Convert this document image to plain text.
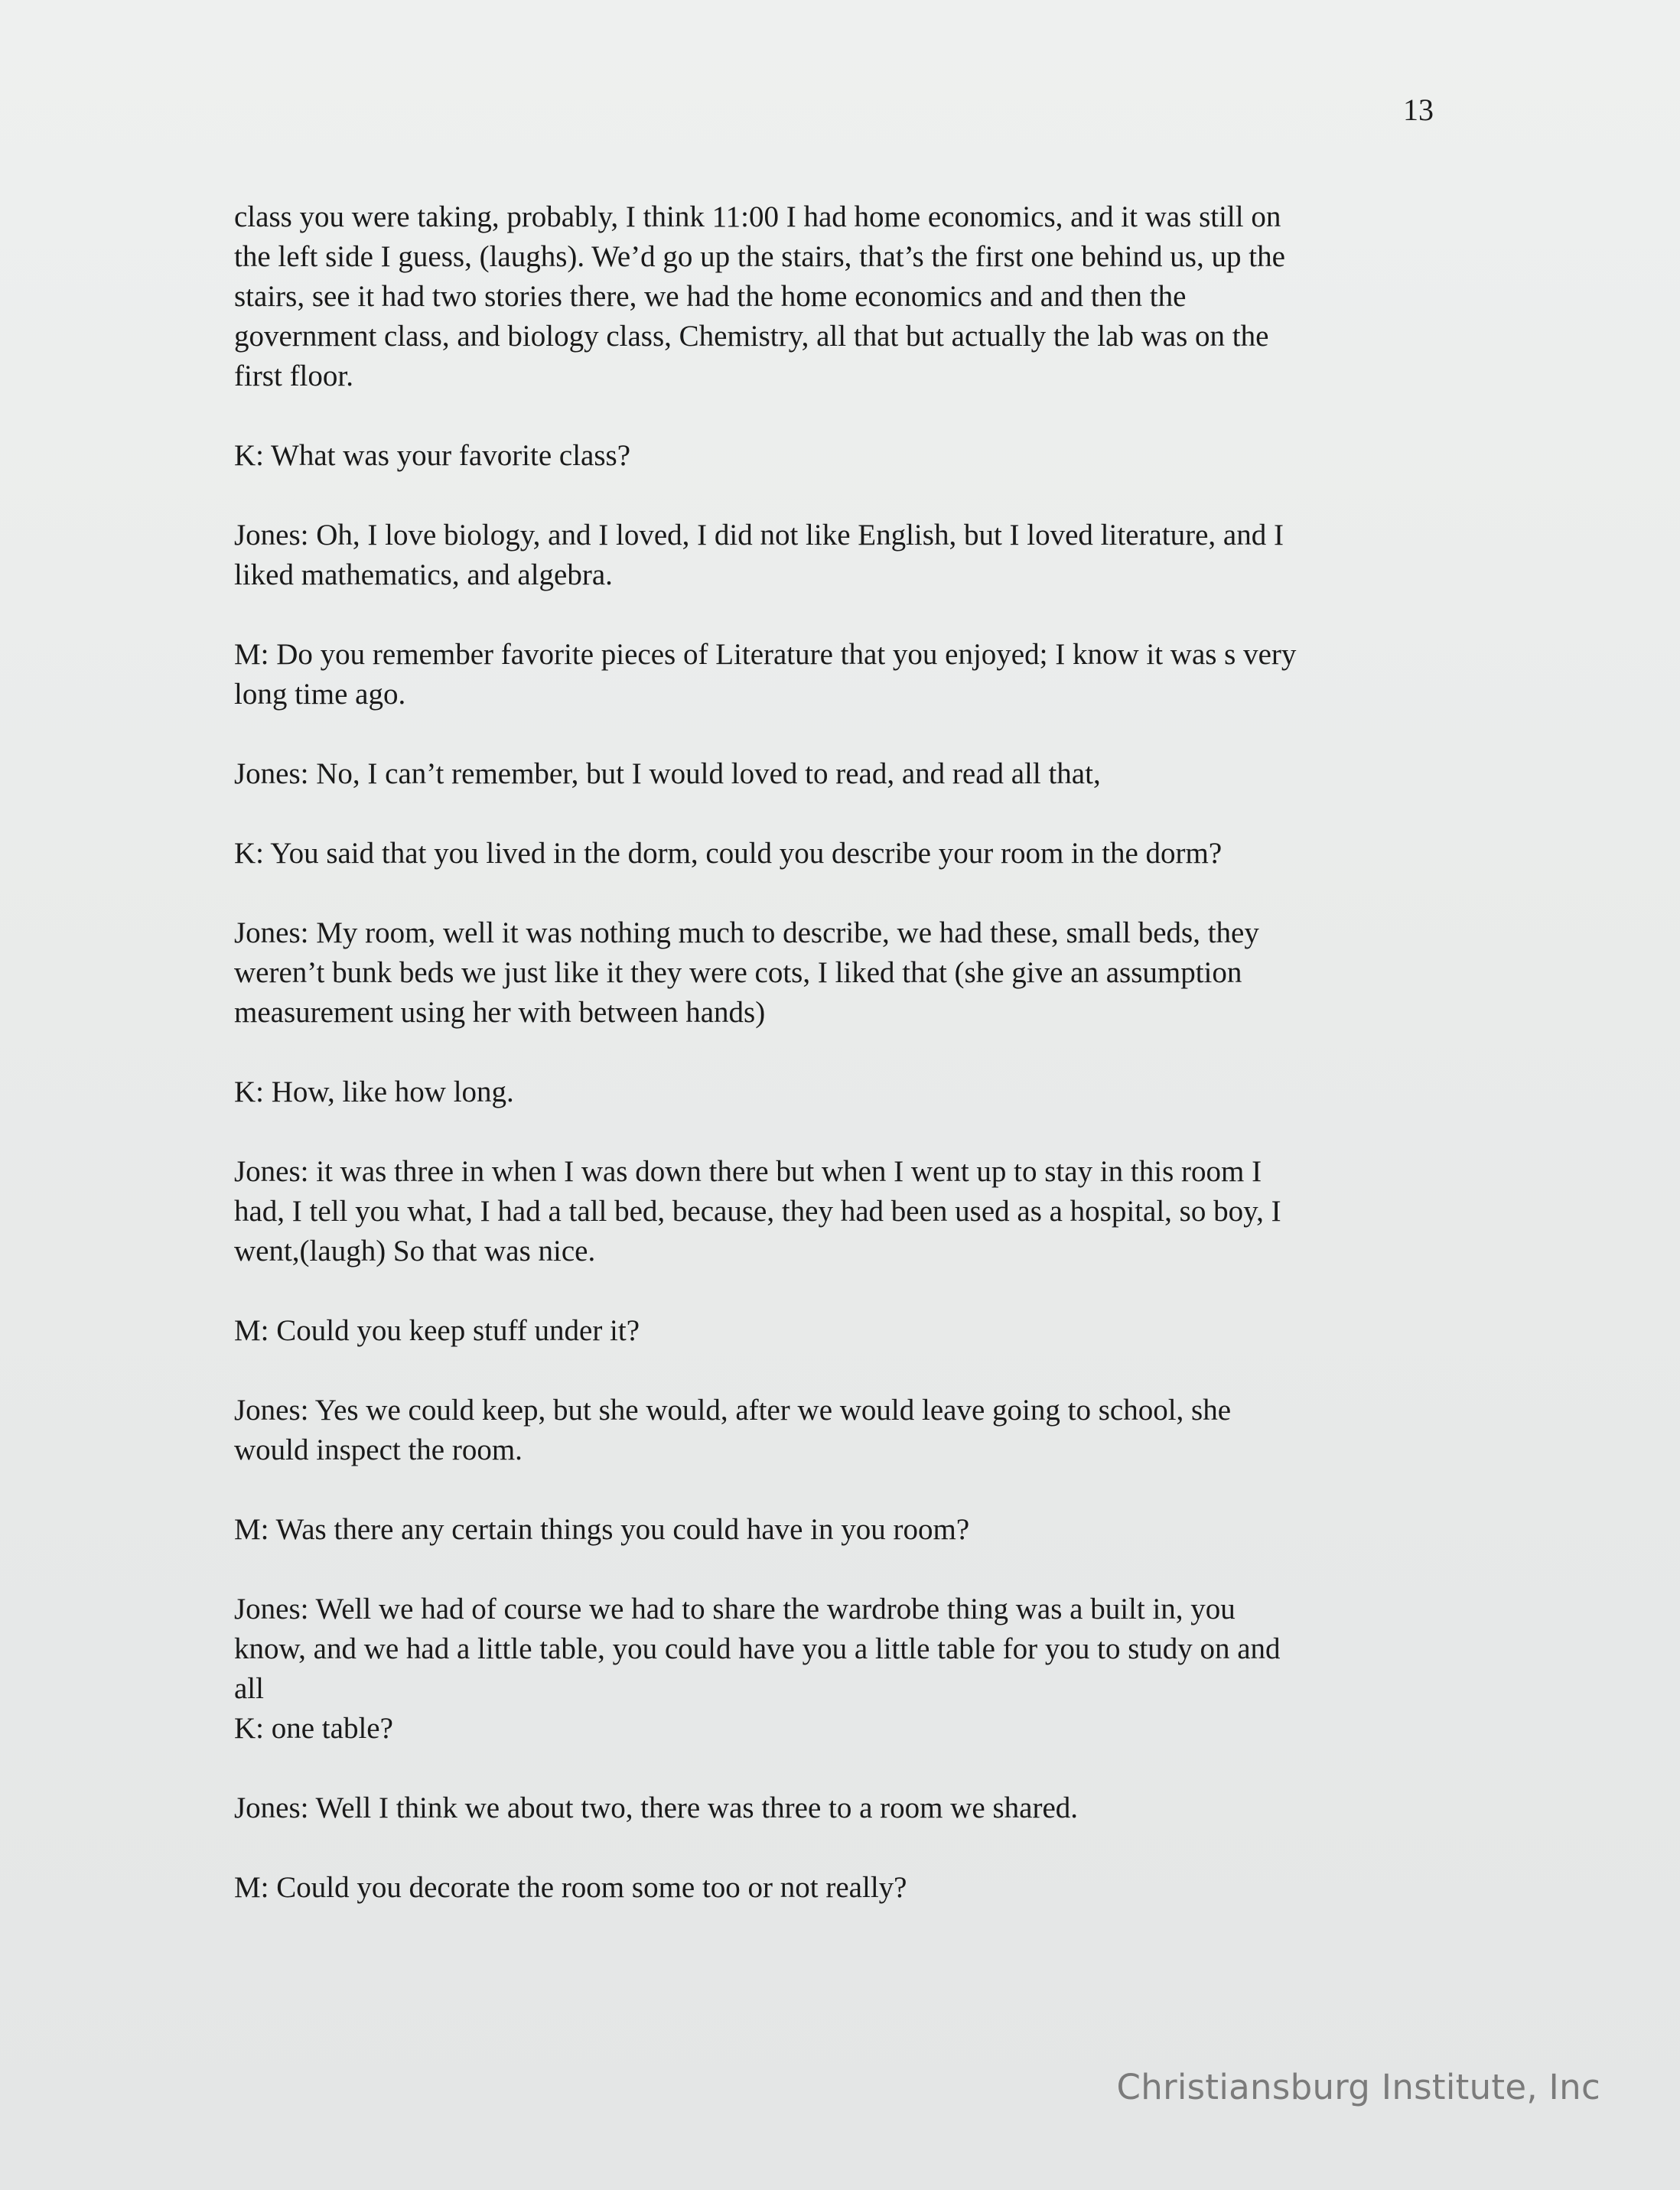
13

class you were taking, probably, I think 11:00 I had home economics, and it was still on
the left side I guess, (laughs). We’d go up the stairs, that’s the first one behind us, up the
stairs, see it had two stories there, we had the home economics and and then the
government class, and biology class, Chemistry, all that but actually the lab was on the
first floor.

K: What was your favorite class?

Jones: Oh, I love biology, and I loved, I did not like English, but I loved literature, and I
liked mathematics, and algebra.

M: Do you remember favorite pieces of Literature that you enjoyed; I know it was s very
long time ago.

Jones: No, I can’t remember, but I would loved to read, and read all that,

K: You said that you lived in the dorm, could you describe your room in the dorm?

Jones: My room, well it was nothing much to describe, we had these, small beds, they
weren’t bunk beds we just like it they were cots, I liked that (she give an assumption
measurement using her with between hands)

K: How, like how long.

Jones: it was three in when I was down there but when I went up to stay in this room I
had, I tell you what, I had a tall bed, because, they had been used as a hospital, so boy, I
went,(laugh) So that was nice.

M: Could you keep stuff under it?

Jones: Yes we could keep, but she would, after we would leave going to school, she
would inspect the room.

M: Was there any certain things you could have in you room?

Jones: Well we had of course we had to share the wardrobe thing was a built in, you
know, and we had a little table, you could have you a little table for you to study on and
all

K: one table?

Jones: Well I think we about two, there was three to a room we shared.

M: Could you decorate the room some too or not really?

Christiansburg Institute, Inc
